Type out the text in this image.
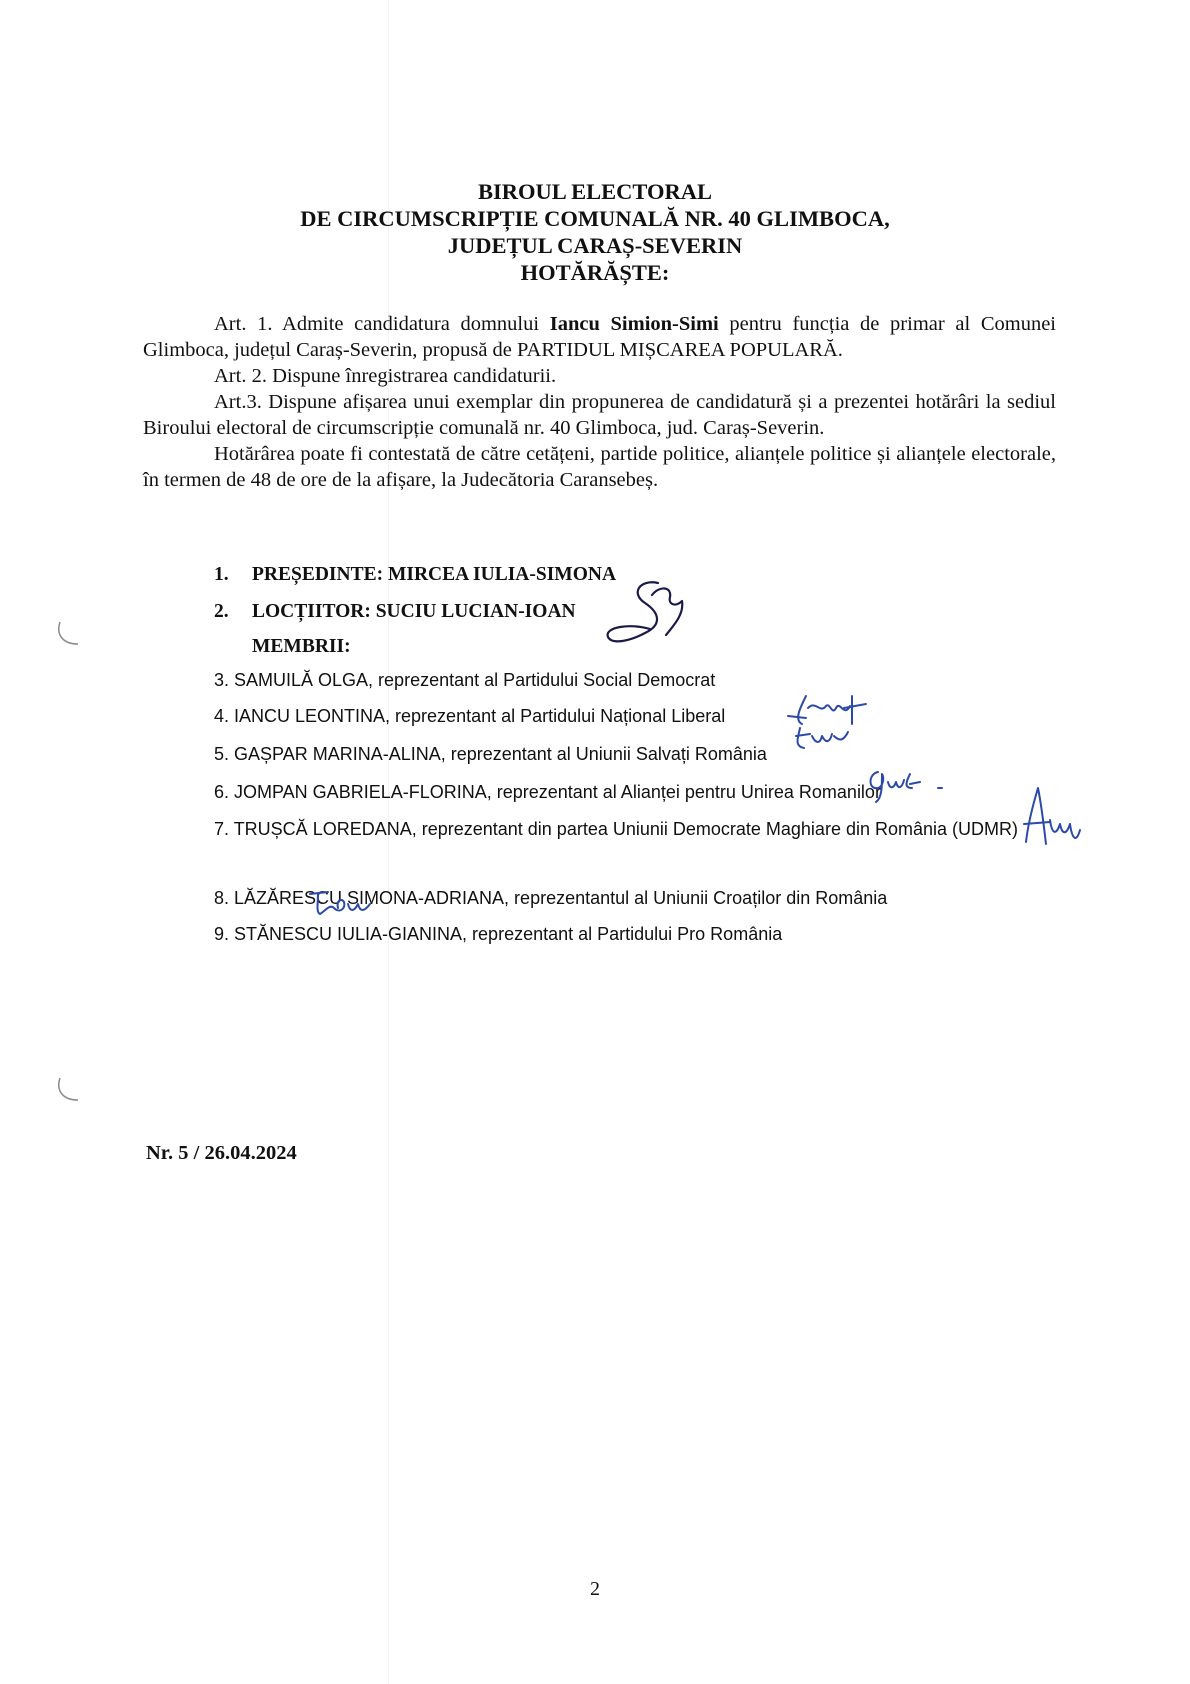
BIROUL ELECTORAL
DE CIRCUMSCRIPȚIE COMUNALĂ NR. 40 GLIMBOCA,
JUDEȚUL CARAȘ-SEVERIN
HOTĂRĂȘTE:

Art. 1. Admite candidatura domnului Iancu Simion-Simi pentru funcția de primar al Comunei Glimboca, județul Caraș-Severin, propusă de PARTIDUL MIȘCAREA POPULARĂ.

Art. 2. Dispune înregistrarea candidaturii.

Art.3. Dispune afișarea unui exemplar din propunerea de candidatură și a prezentei hotărâri la sediul Biroului electoral de circumscripție comunală nr. 40 Glimboca, jud. Caraș-Severin.

Hotărârea poate fi contestată de către cetățeni, partide politice, alianțele politice și alianțele electorale, în termen de 48 de ore de la afișare, la Judecătoria Caransebeș.

1. PREȘEDINTE: MIRCEA IULIA-SIMONA
2. LOCȚIITOR: SUCIU LUCIAN-IOAN
MEMBRII:
3. SAMUILĂ OLGA, reprezentant al Partidului Social Democrat
4. IANCU LEONTINA, reprezentant al Partidului Național Liberal
5. GAȘPAR MARINA-ALINA, reprezentant al Uniunii Salvați România
6. JOMPAN GABRIELA-FLORINA, reprezentant al Alianței pentru Unirea Romanilor
7. TRUȘCĂ LOREDANA, reprezentant din partea Uniunii Democrate Maghiare din România (UDMR)
8. LĂZĂRESCU SIMONA-ADRIANA, reprezentantul al Uniunii Croaților din România
9. STĂNESCU IULIA-GIANINA, reprezentant al Partidului Pro România
Nr. 5 / 26.04.2024
2
